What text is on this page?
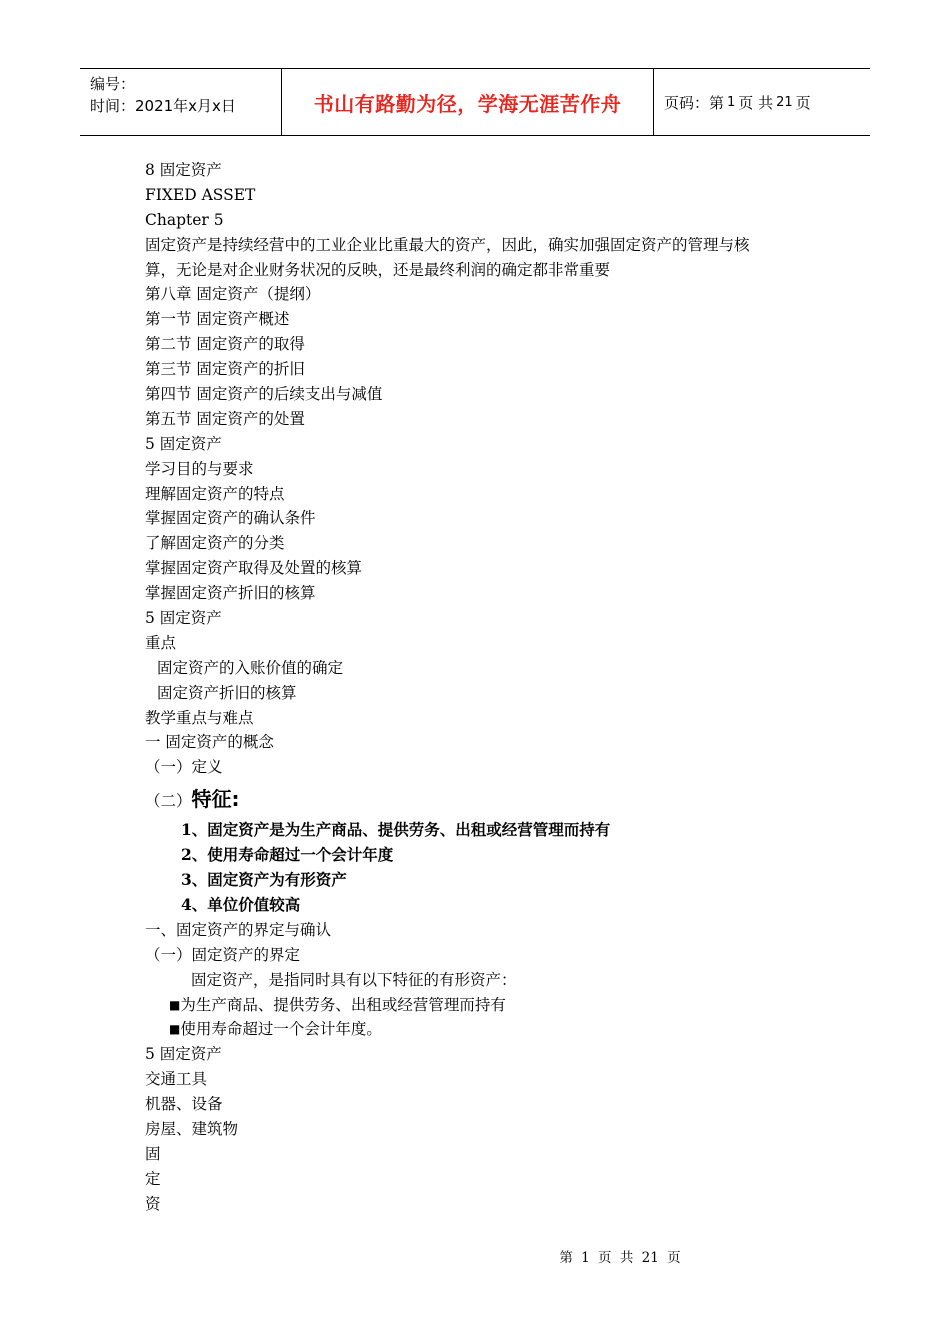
编号：
时间：2021年x月x日	书山有路勤为径，学海无涯苦作舟	页码：第 1 页 共 21 页
8 固定资产
FIXED ASSET
Chapter 5
固定资产是持续经营中的工业企业比重最大的资产，因此，确实加强固定资产的管理与核
算，无论是对企业财务状况的反映，还是最终利润的确定都非常重要
第八章 固定资产（提纲）
第一节 固定资产概述
第二节 固定资产的取得
第三节 固定资产的折旧
第四节 固定资产的后续支出与减值
第五节 固定资产的处置
5 固定资产
学习目的与要求
理解固定资产的特点
掌握固定资产的确认条件
了解固定资产的分类
掌握固定资产取得及处置的核算
掌握固定资产折旧的核算
5 固定资产
重点
固定资产的入账价值的确定
固定资产折旧的核算
教学重点与难点
一 固定资产的概念
（一）定义
（二）特征:
1、固定资产是为生产商品、提供劳务、出租或经营管理而持有
2、使用寿命超过一个会计年度
3、固定资产为有形资产
4、单位价值较高
一、固定资产的界定与确认
（一）固定资产的界定
固定资产，是指同时具有以下特征的有形资产：
■为生产商品、提供劳务、出租或经营管理而持有
■使用寿命超过一个会计年度。
5 固定资产
交通工具
机器、设备
房屋、建筑物
固
定
资
第 1 页 共 21 页
